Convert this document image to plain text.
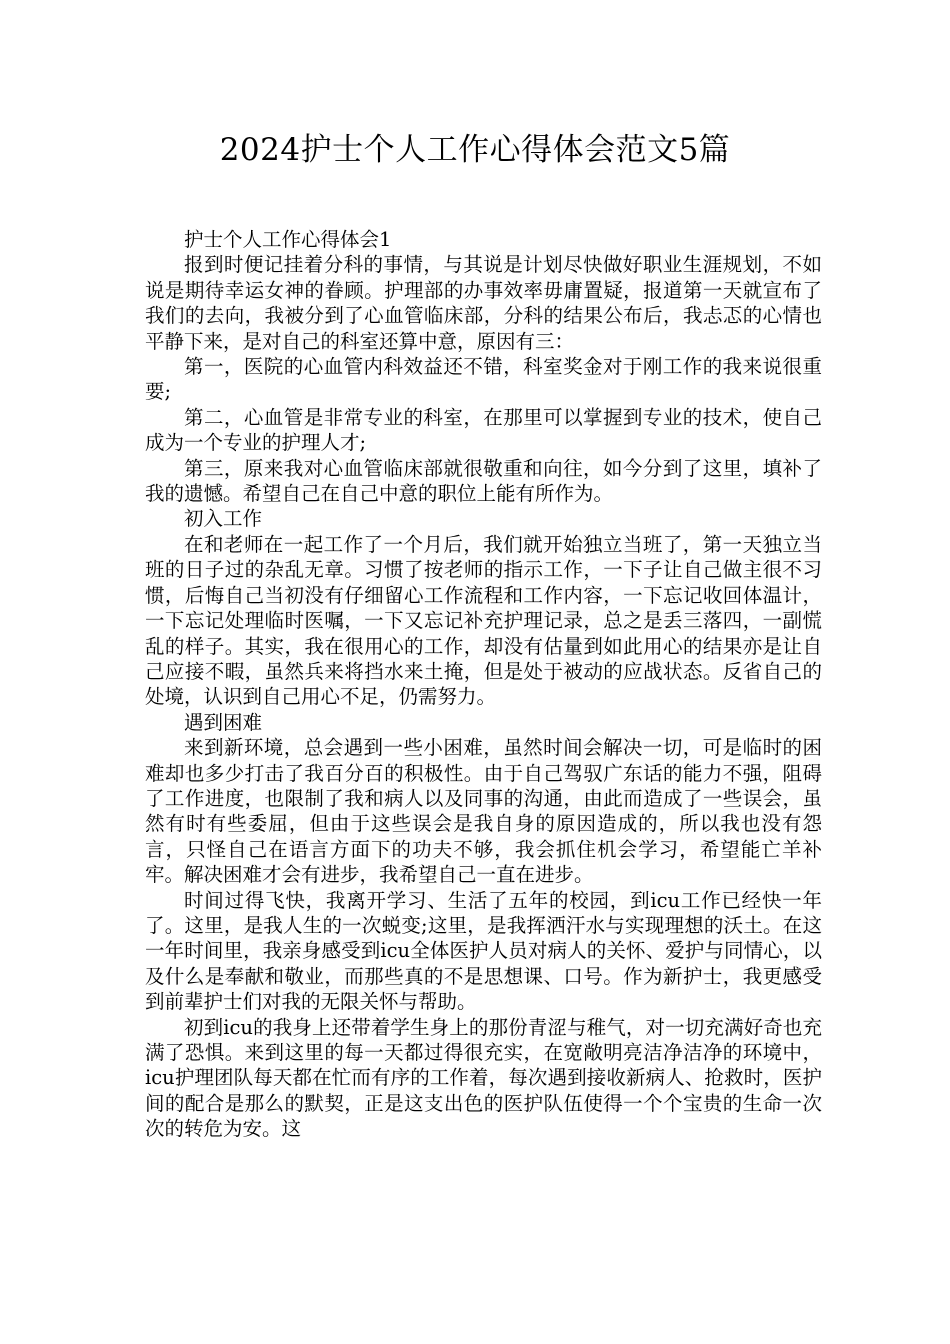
2024护士个人工作心得体会范文5篇

护士个人工作心得体会1

报到时便记挂着分科的事情，与其说是计划尽快做好职业生涯规划，不如说是期待幸运女神的眷顾。护理部的办事效率毋庸置疑，报道第一天就宣布了我们的去向，我被分到了心血管临床部，分科的结果公布后，我忐忑的心情也平静下来，是对自己的科室还算中意，原因有三：

第一，医院的心血管内科效益还不错，科室奖金对于刚工作的我来说很重要;

第二，心血管是非常专业的科室，在那里可以掌握到专业的技术，使自己成为一个专业的护理人才;

第三，原来我对心血管临床部就很敬重和向往，如今分到了这里，填补了我的遗憾。希望自己在自己中意的职位上能有所作为。

初入工作

在和老师在一起工作了一个月后，我们就开始独立当班了，第一天独立当班的日子过的杂乱无章。习惯了按老师的指示工作，一下子让自己做主很不习惯，后悔自己当初没有仔细留心工作流程和工作内容，一下忘记收回体温计，一下忘记处理临时医嘱，一下又忘记补充护理记录，总之是丢三落四，一副慌乱的样子。其实，我在很用心的工作，却没有估量到如此用心的结果亦是让自己应接不暇，虽然兵来将挡水来土掩，但是处于被动的应战状态。反省自己的处境，认识到自己用心不足，仍需努力。

遇到困难

来到新环境，总会遇到一些小困难，虽然时间会解决一切，可是临时的困难却也多少打击了我百分百的积极性。由于自己驾驭广东话的能力不强，阻碍了工作进度，也限制了我和病人以及同事的沟通，由此而造成了一些误会，虽然有时有些委屈，但由于这些误会是我自身的原因造成的，所以我也没有怨言，只怪自己在语言方面下的功夫不够，我会抓住机会学习，希望能亡羊补牢。解决困难才会有进步，我希望自己一直在进步。

时间过得飞快，我离开学习、生活了五年的校园，到icu工作已经快一年了。这里，是我人生的一次蜕变;这里，是我挥洒汗水与实现理想的沃土。在这一年时间里，我亲身感受到icu全体医护人员对病人的关怀、爱护与同情心，以及什么是奉献和敬业，而那些真的不是思想课、口号。作为新护士，我更感受到前辈护士们对我的无限关怀与帮助。

初到icu的我身上还带着学生身上的那份青涩与稚气，对一切充满好奇也充满了恐惧。来到这里的每一天都过得很充实，在宽敞明亮洁净洁净的环境中，icu护理团队每天都在忙而有序的工作着，每次遇到接收新病人、抢救时，医护间的配合是那么的默契，正是这支出色的医护队伍使得一个个宝贵的生命一次次的转危为安。这
